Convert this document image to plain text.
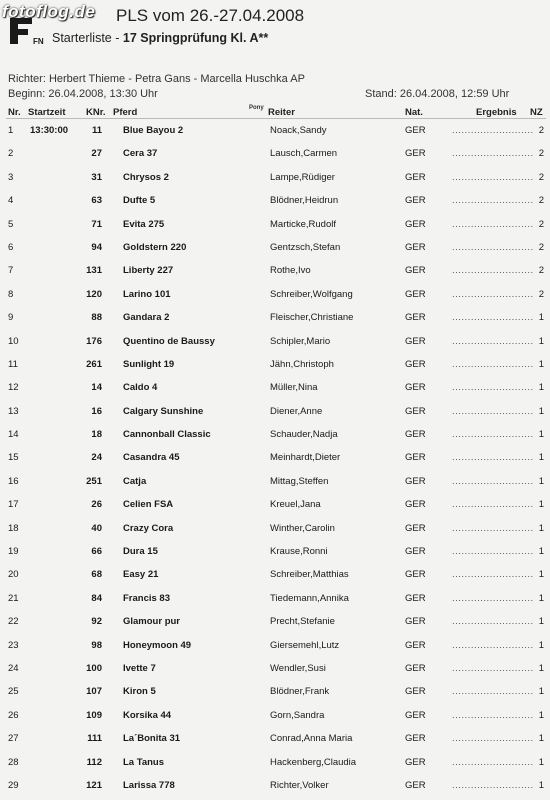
FN
fotoflog.de PLS vom 26.-27.04.2008
Starterliste - 17 Springprüfung Kl. A**
Richter: Herbert Thieme - Petra Gans - Marcella Huschka AP
Beginn: 26.04.2008, 13:30 Uhr	Stand: 26.04.2008, 12:59 Uhr
Nr. Startzeit KNr. Pferd	Pony Reiter	Nat.	Ergebnis NZ
1	13:30:00	11 Blue Bayou 2	Noack,Sandy	GER	.......................... 2
2	27 Cera 37	Lausch,Carmen	GER	.......................... 2
3	31 Chrysos 2	Lampe,Rüdiger	GER	.......................... 2
4	63 Dufte 5	Blödner,Heidrun	GER	.......................... 2
5	71 Evita 275	Marticke,Rudolf	GER	.......................... 2
6	94 Goldstern 220	Gentzsch,Stefan	GER	.......................... 2
7	131 Liberty 227	Rothe,Ivo	GER	.......................... 2
8	120 Larino 101	Schreiber,Wolfgang	GER	.......................... 2
9	88 Gandara 2	Fleischer,Christiane	GER	.......................... 1
10	176 Quentino de Baussy	Schipler,Mario	GER	.......................... 1
11	261 Sunlight 19	Jähn,Christoph	GER	.......................... 1
12	14 Caldo 4	Müller,Nina	GER	.......................... 1
13	16 Calgary Sunshine	Diener,Anne	GER	.......................... 1
14	18 Cannonball Classic	Schauder,Nadja	GER	.......................... 1
15	24 Casandra 45	Meinhardt,Dieter	GER	.......................... 1
16	251 Catja	Mittag,Steffen	GER	.......................... 1
17	26 Celien FSA	Kreuel,Jana	GER	.......................... 1
18	40 Crazy Cora	Winther,Carolin	GER	.......................... 1
19	66 Dura 15	Krause,Ronni	GER	.......................... 1
20	68 Easy 21	Schreiber,Matthias	GER	.......................... 1
21	84 Francis 83	Tiedemann,Annika	GER	.......................... 1
22	92 Glamour pur	Precht,Stefanie	GER	.......................... 1
23	98 Honeymoon 49	Giersemehl,Lutz	GER	.......................... 1
24	100 Ivette 7	Wendler,Susi	GER	.......................... 1
25	107 Kiron 5	Blödner,Frank	GER	.......................... 1
26	109 Korsika 44	Gorn,Sandra	GER	.......................... 1
27	111 La´Bonita 31	Conrad,Anna Maria	GER	.......................... 1
28	112 La Tanus	Hackenberg,Claudia	GER	.......................... 1
29	121 Larissa 778	Richter,Volker	GER	.......................... 1
